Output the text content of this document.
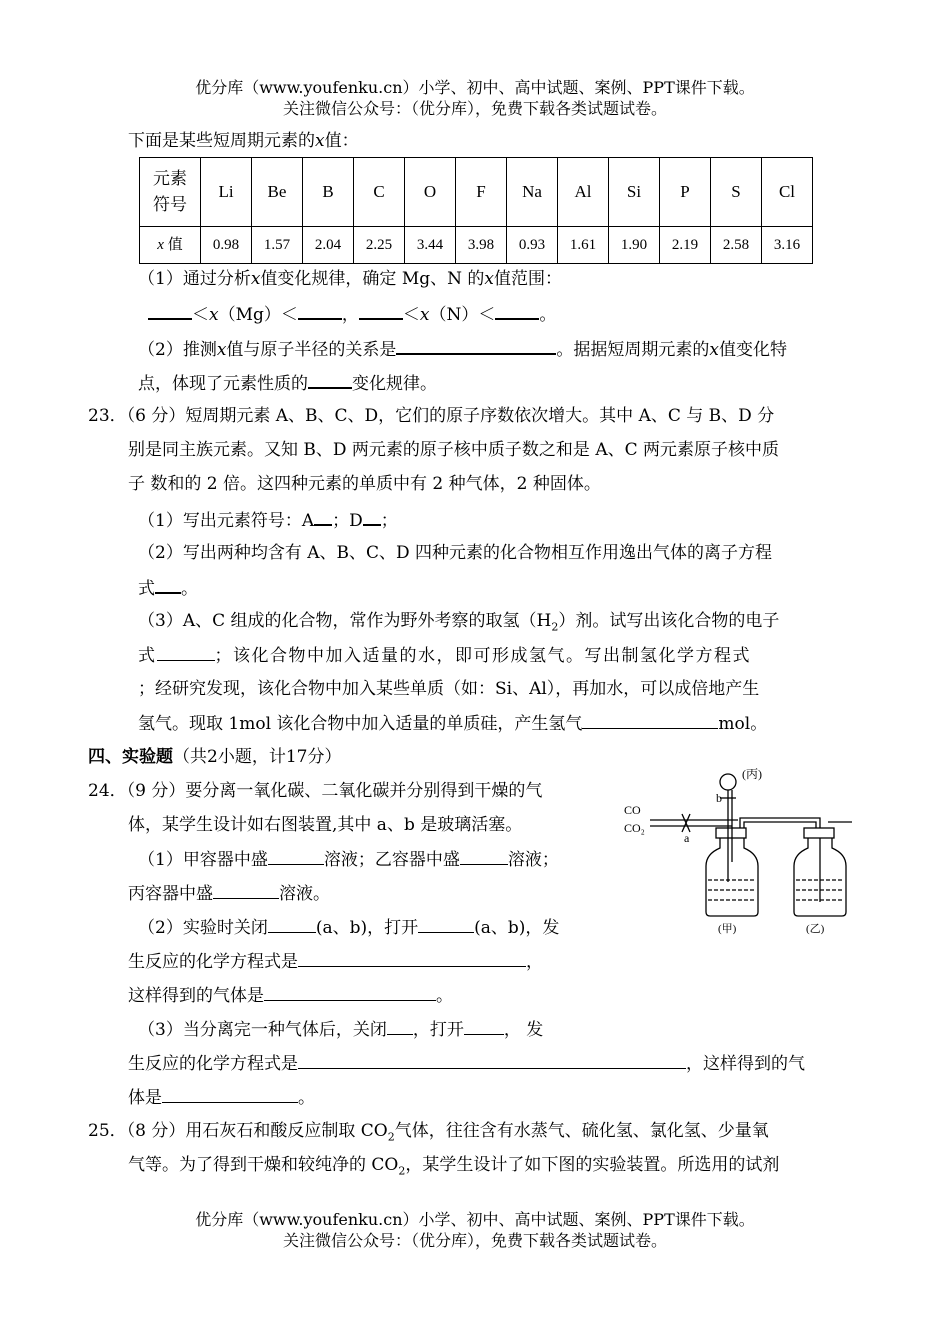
优分库（www.youfenku.cn）小学、初中、高中试题、案例、PPT课件下载。
关注微信公众号：（优分库），免费下载各类试题试卷。
下面是某些短周期元素的x值：
元素
符号	Li	Be	B	C	O	F	Na	Al	Si	P	S	Cl
x 值	0.98	1.57	2.04	2.25	3.44	3.98	0.93	1.61	1.90	2.19	2.58	3.16
（1）通过分析x值变化规律，确定 Mg、N 的x值范围：
＜x（Mg）＜	，	＜x（N）＜	。
（2）推测x值与原子半径的关系是	。据据短周期元素的x值变化特
点，体现了元素性质的	变化规律。
23．（6 分）短周期元素 A、B、C、D，它们的原子序数依次增大。其中 A、C 与 B、D 分
别是同主族元素。又知 B、D 两元素的原子核中质子数之和是 A、C 两元素原子核中质
子 数和的 2 倍。这四种元素的单质中有 2 种气体，2 种固体。
（1）写出元素符号：A ；D ；
（2）写出两种均含有 A、B、C、D 四种元素的化合物相互作用逸出气体的离子方程
式 。
（3）A、C 组成的化合物，常作为野外考察的取氢$(H_2)$剂。试写出该化合物的电子
式	；该化合物中加入适量的水，即可形成氢气。写出制氢化学方程式
；经研究发现，该化合物中加入某些单质（如：Si、Al），再加水，可以成倍地产生
氢气。现取 1mol 该化合物中加入适量的单质硅，产生氢气	mol。
四、实验题（共2小题，计17分）
24．（9 分）要分离一氧化碳、二氧化碳并分别得到干燥的气
体，某学生设计如右图装置,其中 a、b 是玻璃活塞。
（1）甲容器中盛	溶液；乙容器中盛	溶液；
丙容器中盛	溶液。
（2）实验时关闭	(a、b)，打开	(a、b)，发
生反应的化学方程式是	，
这样得到的气体是	。
（3）当分离完一种气体后，关闭 ，打开 ， 发
生反应的化学方程式是	，这样得到的气
体是	。
(丙)
b
a
CO
CO₂
(甲)	(乙)
25．（8 分）用石灰石和酸反应制取 $CO_2$气体，往往含有水蒸气、硫化氢、氯化氢、少量氧
气等。为了得到干燥和较纯净的 $CO_2$，某学生设计了如下图的实验装置。所选用的试剂
优分库（www.youfenku.cn）小学、初中、高中试题、案例、PPT课件下载。
关注微信公众号：（优分库），免费下载各类试题试卷。
